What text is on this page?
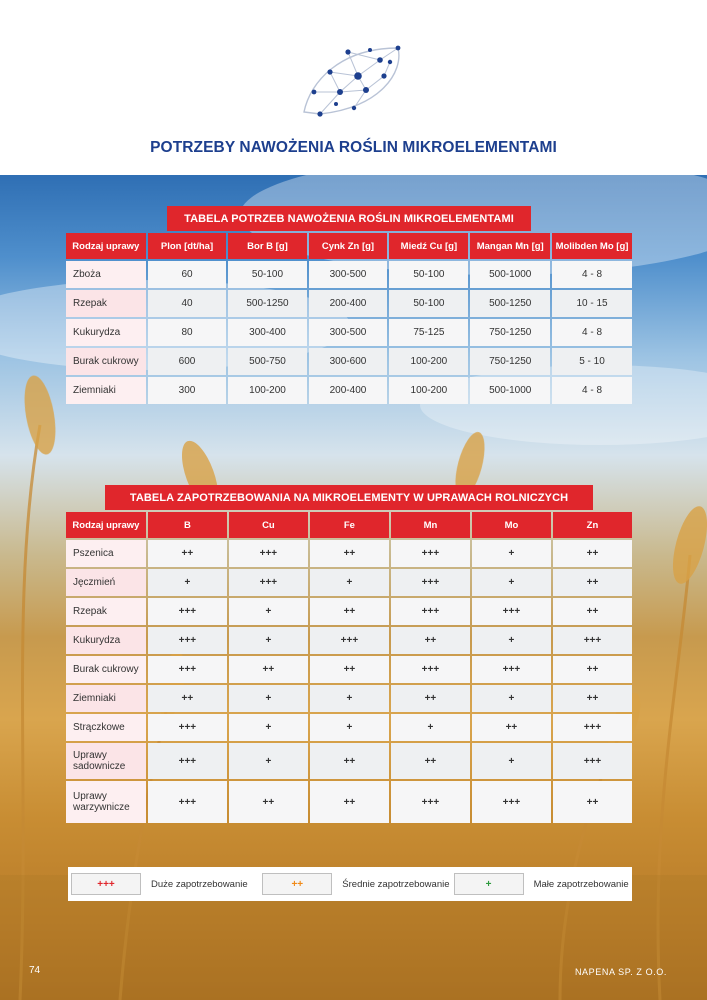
POTRZEBY NAWOŻENIA ROŚLIN MIKROELEMENTAMI
TABELA POTRZEB NAWOŻENIA ROŚLIN MIKROELEMENTAMI
Rodzaj uprawy	Plon [dt/ha]	Bor B [g]	Cynk Zn [g]	Miedź Cu [g]	Mangan Mn [g]	Molibden Mo [g]
Zboża	60	50-100	300-500	50-100	500-1000	4 - 8
Rzepak	40	500-1250	200-400	50-100	500-1250	10 - 15
Kukurydza	80	300-400	300-500	75-125	750-1250	4 - 8
Burak cukrowy	600	500-750	300-600	100-200	750-1250	5 - 10
Ziemniaki	300	100-200	200-400	100-200	500-1000	4 - 8
TABELA ZAPOTRZEBOWANIA NA MIKROELEMENTY W UPRAWACH ROLNICZYCH
Rodzaj uprawy	B	Cu	Fe	Mn	Mo	Zn
Pszenica	++	+++	++	+++	+	++
Jęczmień	+	+++	+	+++	+	++
Rzepak	+++	+	++	+++	+++	++
Kukurydza	+++	+	+++	++	+	+++
Burak cukrowy	+++	++	++	+++	+++	++
Ziemniaki	++	+	+	++	+	++
Strączkowe	+++	+	+	+	++	+++
Uprawy
sadownicze	+++	+	++	++	+	+++
Uprawy
warzywnicze	+++	++	++	+++	+++	++
+++	Duże zapotrzebowanie	++	Średnie zapotrzebowanie	+	Małe zapotrzebowanie
74	NAPENA SP. Z O.O.
